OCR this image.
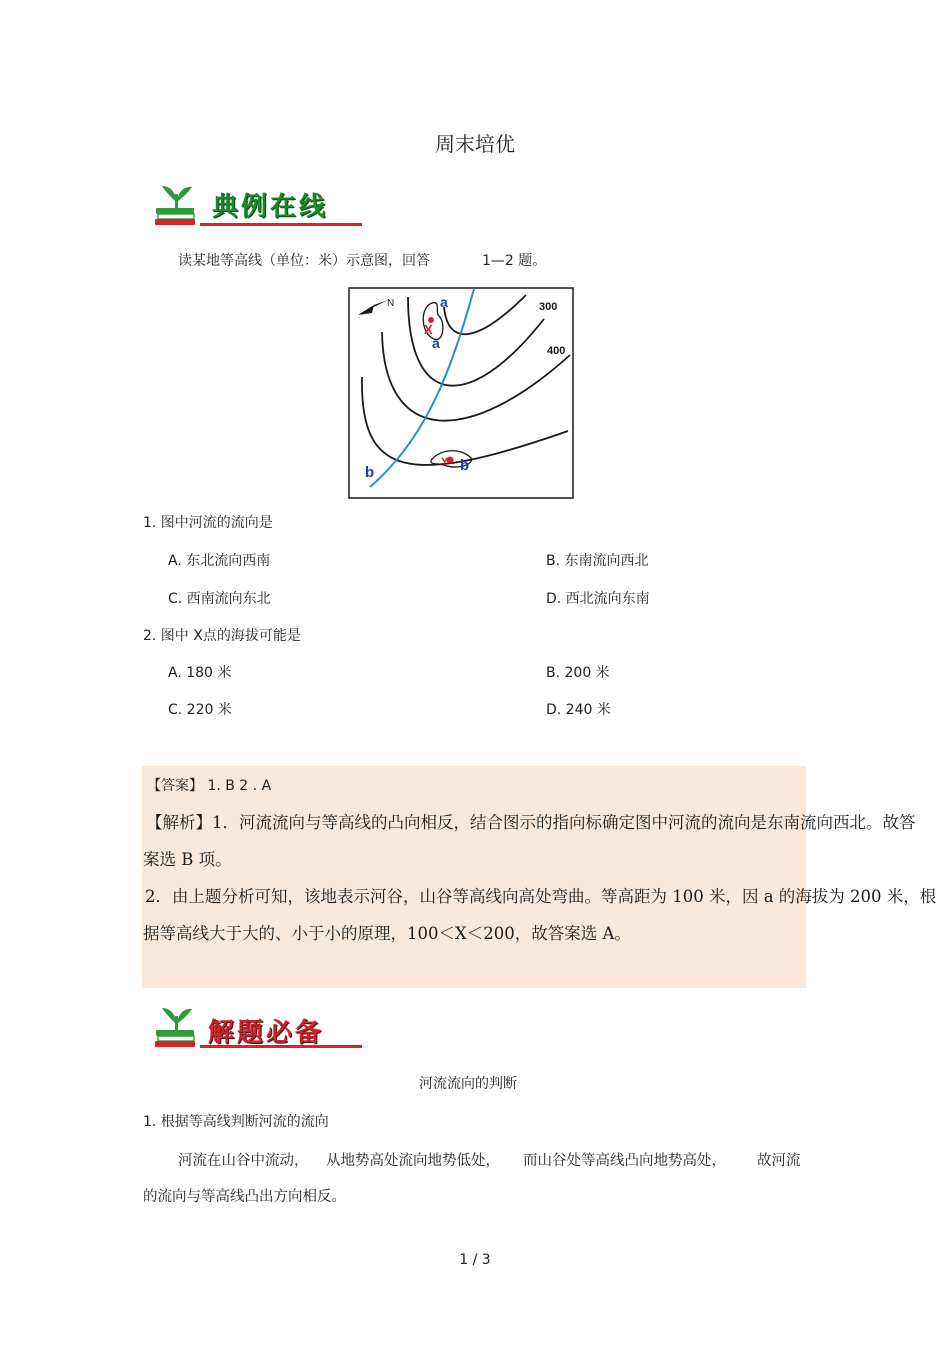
周末培优
典例在线
读某地等高线（单位：米）示意图，回答	1—2 题。
N
X
Y
a
a
b
b
300
400
1. 图中河流的流向是
A. 东北流向西南	B. 东南流向西北
C. 西南流向东北	D. 西北流向东南
2. 图中 X点的海拔可能是
A. 180 米	B. 200 米
C. 220 米	D. 240 米
【答案】 1. B 2 . A
【解析】1．河流流向与等高线的凸向相反，结合图示的指向标确定图中河流的流向是东南流向西北。故答
案选 B 项。
2．由上题分析可知，该地表示河谷，山谷等高线向高处弯曲。等高距为 100 米，因 a 的海拔为 200 米，根
据等高线大于大的、小于小的原理，100＜X＜200，故答案选 A。
解题必备
河流流向的判断
1. 根据等高线判断河流的流向
河流在山谷中流动， 从地势高处流向地势低处， 而山谷处等高线凸向地势高处， 故河流
的流向与等高线凸出方向相反。
1 / 3
